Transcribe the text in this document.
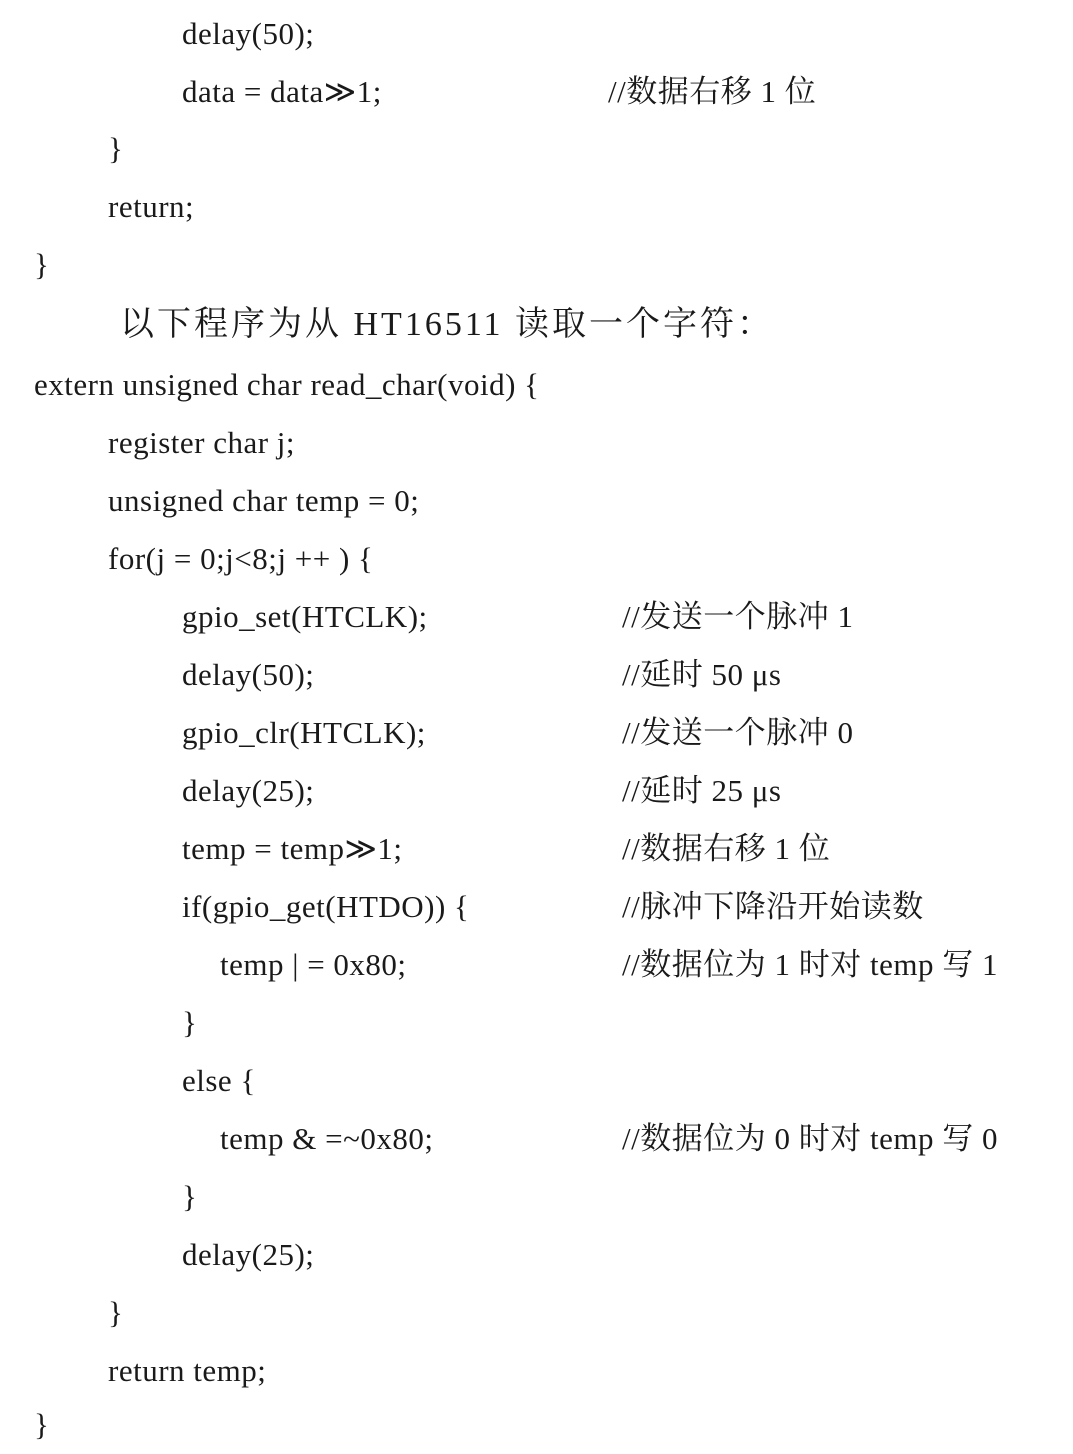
delay(50);
data = data≫1;	//数据右移 1 位
}
return;
}
以下程序为从 HT16511 读取一个字符：
extern unsigned char read_char(void) {
register char j;
unsigned char temp = 0;
for(j = 0;j<8;j ++ ) {
gpio_set(HTCLK);	//发送一个脉冲 1
delay(50);	//延时 50 μs
gpio_clr(HTCLK);	//发送一个脉冲 0
delay(25);	//延时 25 μs
temp = temp≫1;	//数据右移 1 位
if(gpio_get(HTDO)) {	//脉冲下降沿开始读数
temp | = 0x80;	//数据位为 1 时对 temp 写 1
}
else {
temp & =~0x80;	//数据位为 0 时对 temp 写 0
}
delay(25);
}
return temp;
}
